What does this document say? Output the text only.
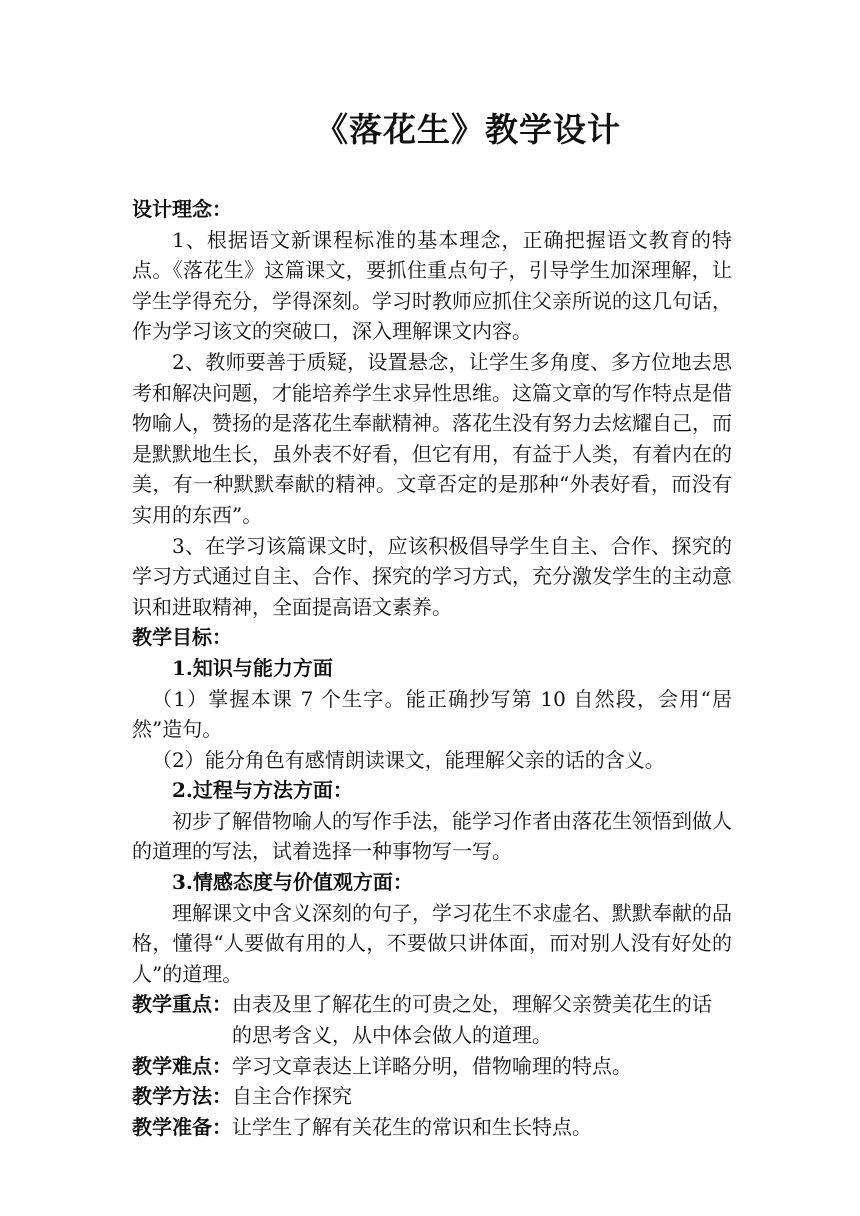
《落花生》教学设计

设计理念：

1、根据语文新课程标准的基本理念，正确把握语文教育的特点。《落花生》这篇课文，要抓住重点句子，引导学生加深理解，让学生学得充分，学得深刻。学习时教师应抓住父亲所说的这几句话，作为学习该文的突破口，深入理解课文内容。

2、教师要善于质疑，设置悬念，让学生多角度、多方位地去思考和解决问题，才能培养学生求异性思维。这篇文章的写作特点是借物喻人，赞扬的是落花生奉献精神。落花生没有努力去炫耀自己，而是默默地生长，虽外表不好看，但它有用，有益于人类，有着内在的美，有一种默默奉献的精神。文章否定的是那种“外表好看，而没有实用的东西”。

3、在学习该篇课文时，应该积极倡导学生自主、合作、探究的学习方式通过自主、合作、探究的学习方式，充分激发学生的主动意识和进取精神，全面提高语文素养。

教学目标：

1.知识与能力方面

（1）掌握本课 7 个生字。能正确抄写第 10 自然段，会用“居然”造句。

（2）能分角色有感情朗读课文，能理解父亲的话的含义。

2.过程与方法方面：

初步了解借物喻人的写作手法，能学习作者由落花生领悟到做人的道理的写法，试着选择一种事物写一写。

3.情感态度与价值观方面：

理解课文中含义深刻的句子，学习花生不求虚名、默默奉献的品格，懂得“人要做有用的人，不要做只讲体面，而对别人没有好处的人”的道理。

教学重点： 由表及里了解花生的可贵之处，理解父亲赞美花生的话的思考含义，从中体会做人的道理。
教学难点： 学习文章表达上详略分明，借物喻理的特点。
教学方法： 自主合作探究
教学准备： 让学生了解有关花生的常识和生长特点。
